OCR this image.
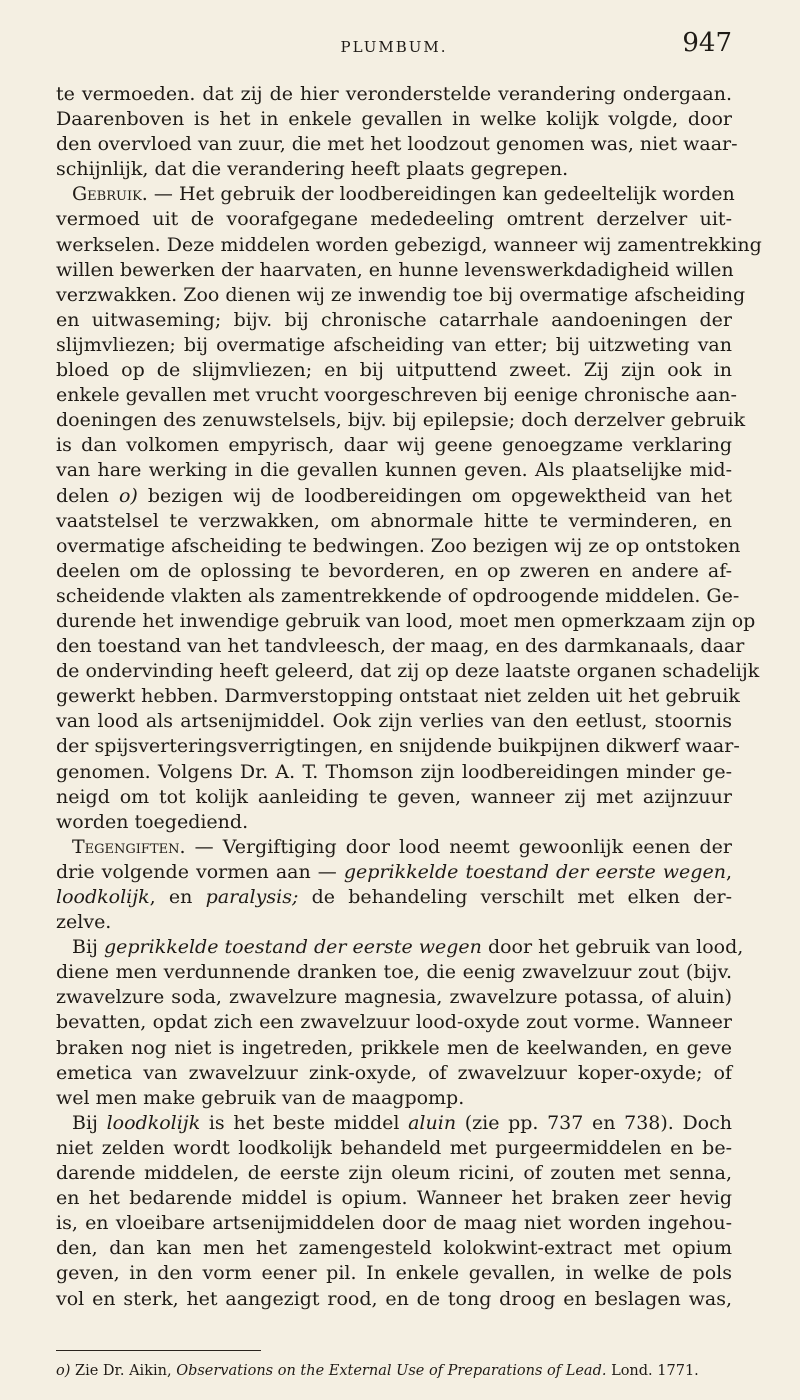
PLUMBUM.	947
te vermoeden. dat zij de hier veronderstelde verandering ondergaan.
Daarenboven is het in enkele gevallen in welke kolijk volgde, door
den overvloed van zuur, die met het loodzout genomen was, niet waar-
schijnlijk, dat die verandering heeft plaats gegrepen.
Gebruik. — Het gebruik der loodbereidingen kan gedeeltelijk worden
vermoed uit de voorafgegane mededeeling omtrent derzelver uit-
werkselen. Deze middelen worden gebezigd, wanneer wij zamentrekking
willen bewerken der haarvaten, en hunne levenswerkdadigheid willen
verzwakken. Zoo dienen wij ze inwendig toe bij overmatige afscheiding
en uitwaseming; bijv. bij chronische catarrhale aandoeningen der
slijmvliezen; bij overmatige afscheiding van etter; bij uitzweting van
bloed op de slijmvliezen; en bij uitputtend zweet. Zij zijn ook in
enkele gevallen met vrucht voorgeschreven bij eenige chronische aan-
doeningen des zenuwstelsels, bijv. bij epilepsie; doch derzelver gebruik
is dan volkomen empyrisch, daar wij geene genoegzame verklaring
van hare werking in die gevallen kunnen geven. Als plaatselijke mid-
delen o) bezigen wij de loodbereidingen om opgewektheid van het
vaatstelsel te verzwakken, om abnormale hitte te verminderen, en
overmatige afscheiding te bedwingen. Zoo bezigen wij ze op ontstoken
deelen om de oplossing te bevorderen, en op zweren en andere af-
scheidende vlakten als zamentrekkende of opdroogende middelen. Ge-
durende het inwendige gebruik van lood, moet men opmerkzaam zijn op
den toestand van het tandvleesch, der maag, en des darmkanaals, daar
de ondervinding heeft geleerd, dat zij op deze laatste organen schadelijk
gewerkt hebben. Darmverstopping ontstaat niet zelden uit het gebruik
van lood als artsenijmiddel. Ook zijn verlies van den eetlust, stoornis
der spijsverteringsverrigtingen, en snijdende buikpijnen dikwerf waar-
genomen. Volgens Dr. A. T. Thomson zijn loodbereidingen minder ge-
neigd om tot kolijk aanleiding te geven, wanneer zij met azijnzuur
worden toegediend.
Tegengiften. — Vergiftiging door lood neemt gewoonlijk eenen der
drie volgende vormen aan — geprikkelde toestand der eerste wegen,
loodkolijk, en paralysis; de behandeling verschilt met elken der-
zelve.
Bij geprikkelde toestand der eerste wegen door het gebruik van lood,
diene men verdunnende dranken toe, die eenig zwavelzuur zout (bijv.
zwavelzure soda, zwavelzure magnesia, zwavelzure potassa, of aluin)
bevatten, opdat zich een zwavelzuur lood-oxyde zout vorme. Wanneer
braken nog niet is ingetreden, prikkele men de keelwanden, en geve
emetica van zwavelzuur zink-oxyde, of zwavelzuur koper-oxyde; of
wel men make gebruik van de maagpomp.
Bij loodkolijk is het beste middel aluin (zie pp. 737 en 738). Doch
niet zelden wordt loodkolijk behandeld met purgeermiddelen en be-
darende middelen, de eerste zijn oleum ricini, of zouten met senna,
en het bedarende middel is opium. Wanneer het braken zeer hevig
is, en vloeibare artsenijmiddelen door de maag niet worden ingehou-
den, dan kan men het zamengesteld kolokwint-extract met opium
geven, in den vorm eener pil. In enkele gevallen, in welke de pols
vol en sterk, het aangezigt rood, en de tong droog en beslagen was,
o) Zie Dr. Aikin, Observations on the External Use of Preparations of Lead. Lond. 1771.
